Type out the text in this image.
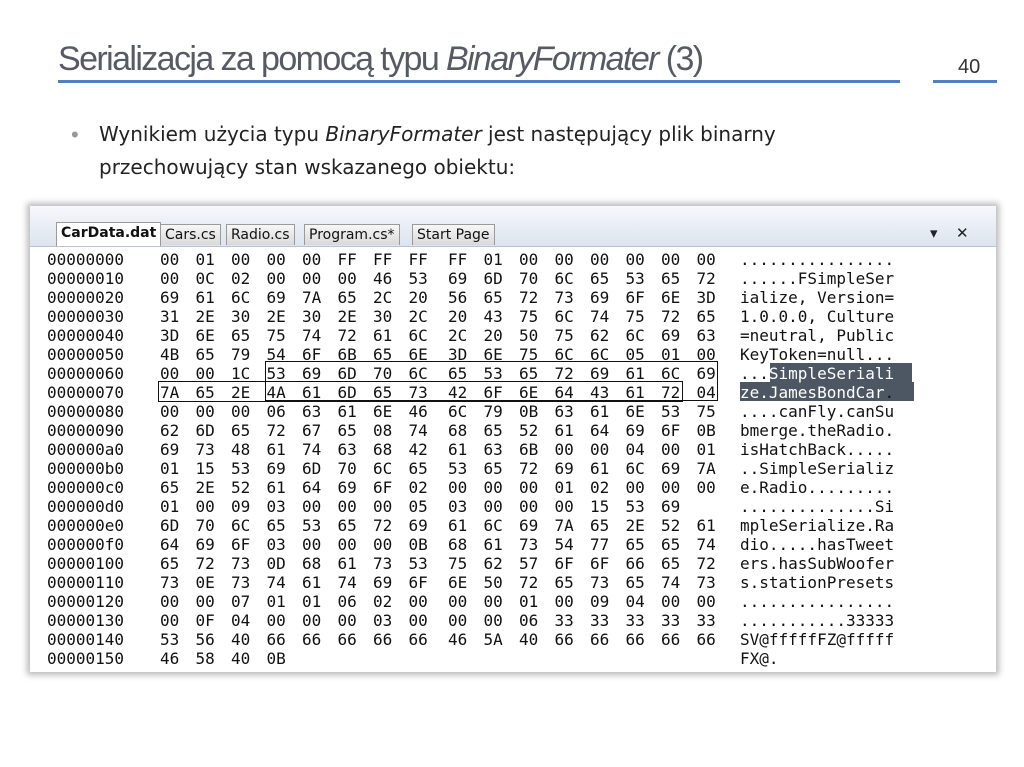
Serializacja za pomocą typu BinaryFormater (3)	40
• Wynikiem użycia typu BinaryFormater jest następujący plik binarny przechowujący stan wskazanego obiektu:
CarData.dat Cars.cs	Radio.cs	Program.cs*	Start Page	▾ ✕
00000000 00 01 00 00 00 FF FF FF FF 01 00 00 00 00 00 00 ................
00000010 00 0C 02 00 00 00 46 53 69 6D 70 6C 65 53 65 72 ......FSimpleSer
00000020 69 61 6C 69 7A 65 2C 20 56 65 72 73 69 6F 6E 3D ialize, Version=
00000030 31 2E 30 2E 30 2E 30 2C 20 43 75 6C 74 75 72 65 1.0.0.0, Culture
00000040 3D 6E 65 75 74 72 61 6C 2C 20 50 75 62 6C 69 63 =neutral, Public
00000050 4B 65 79 54 6F 6B 65 6E 3D 6E 75 6C 6C 05 01 00 KeyToken=null...
00000060 00 00 1C 53 69 6D 70 6C 65 53 65 72 69 61 6C 69 ...SimpleSeriali
00000070 7A 65 2E 4A 61 6D 65 73 42 6F 6E 64 43 61 72 04 ze.JamesBondCar.
00000080 00 00 00 06 63 61 6E 46 6C 79 0B 63 61 6E 53 75 ....canFly.canSu
00000090 62 6D 65 72 67 65 08 74 68 65 52 61 64 69 6F 0B bmerge.theRadio.
000000a0 69 73 48 61 74 63 68 42 61 63 6B 00 00 04 00 01 isHatchBack.....
000000b0 01 15 53 69 6D 70 6C 65 53 65 72 69 61 6C 69 7A ..SimpleSerializ
000000c0 65 2E 52 61 64 69 6F 02 00 00 00 01 02 00 00 00 e.Radio.........
000000d0 01 00 09 03 00 00 00 05 03 00 00 00 15 53 69	..............Si
000000e0 6D 70 6C 65 53 65 72 69 61 6C 69 7A 65 2E 52 61 mpleSerialize.Ra
000000f0 64 69 6F 03 00 00 00 0B 68 61 73 54 77 65 65 74 dio.....hasTweet
00000100 65 72 73 0D 68 61 73 53 75 62 57 6F 6F 66 65 72 ers.hasSubWoofer
00000110 73 0E 73 74 61 74 69 6F 6E 50 72 65 73 65 74 73 s.stationPresets
00000120 00 00 07 01 01 06 02 00 00 00 01 00 09 04 00 00 ................
00000130 00 0F 04 00 00 00 03 00 00 00 06 33 33 33 33 33 ...........33333
00000140 53 56 40 66 66 66 66 66 46 5A 40 66 66 66 66 66 SV@fffffFZ@fffff
00000150 46 58 40 0B	FX@.
